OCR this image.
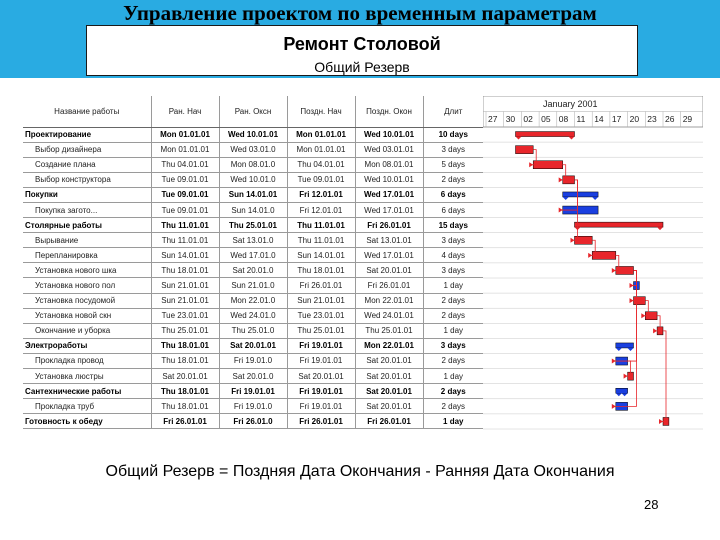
Управление проектом по временным параметрам
Ремонт Столовой
Общий Резерв
Название работы	Ран. Нач	Ран. Оксн	Поздн. Нач	Поздн. Окон	Длит
Проектирование	Mon 01.01.01	Wed 10.01.01	Mon 01.01.01	Wed 10.01.01	10 days
Выбор дизайнера	Mon 01.01.01	Wed 03.01.0	Mon 01.01.01	Wed 03.01.01	3 days
Создание плана	Thu 04.01.01	Mon 08.01.0	Thu 04.01.01	Mon 08.01.01	5 days
Выбор конструктора	Tue 09.01.01	Wed 10.01.0	Tue 09.01.01	Wed 10.01.01	2 days
Покупки	Tue 09.01.01	Sun 14.01.01	Fri 12.01.01	Wed 17.01.01	6 days
Покупка загото...	Tue 09.01.01	Sun 14.01.0	Fri 12.01.01	Wed 17.01.01	6 days
Столярные работы	Thu 11.01.01	Thu 25.01.01	Thu 11.01.01	Fri 26.01.01	15 days
Вырывание	Thu 11.01.01	Sat 13.01.0	Thu 11.01.01	Sat 13.01.01	3 days
Перепланировка	Sun 14.01.01	Wed 17.01.0	Sun 14.01.01	Wed 17.01.01	4 days
Установка нового шка	Thu 18.01.01	Sat 20.01.0	Thu 18.01.01	Sat 20.01.01	3 days
Установка нового пол	Sun 21.01.01	Sun 21.01.0	Fri 26.01.01	Fri 26.01.01	1 day
Установка посудомой	Sun 21.01.01	Mon 22.01.0	Sun 21.01.01	Mon 22.01.01	2 days
Установка новой скн	Tue 23.01.01	Wed 24.01.0	Tue 23.01.01	Wed 24.01.01	2 days
Окончание и уборка	Thu 25.01.01	Thu 25.01.0	Thu 25.01.01	Thu 25.01.01	1 day
Электроработы	Thu 18.01.01	Sat 20.01.01	Fri 19.01.01	Mon 22.01.01	3 days
Прокладка провод	Thu 18.01.01	Fri 19.01.0	Fri 19.01.01	Sat 20.01.01	2 days
Установка люстры	Sat 20.01.01	Sat 20.01.0	Sat 20.01.01	Sat 20.01.01	1 day
Сантехнические работы	Thu 18.01.01	Fri 19.01.01	Fri 19.01.01	Sat 20.01.01	2 days
Прокладка труб	Thu 18.01.01	Fri 19.01.0	Fri 19.01.01	Sat 20.01.01	2 days
Готовность к обеду	Fri 26.01.01	Fri 26.01.0	Fri 26.01.01	Fri 26.01.01	1 day
January 2001
27 30 02 05 08 11 14 17 20 23 26 29
Общий Резерв = Поздняя Дата Окончания - Ранняя Дата Окончания
28
